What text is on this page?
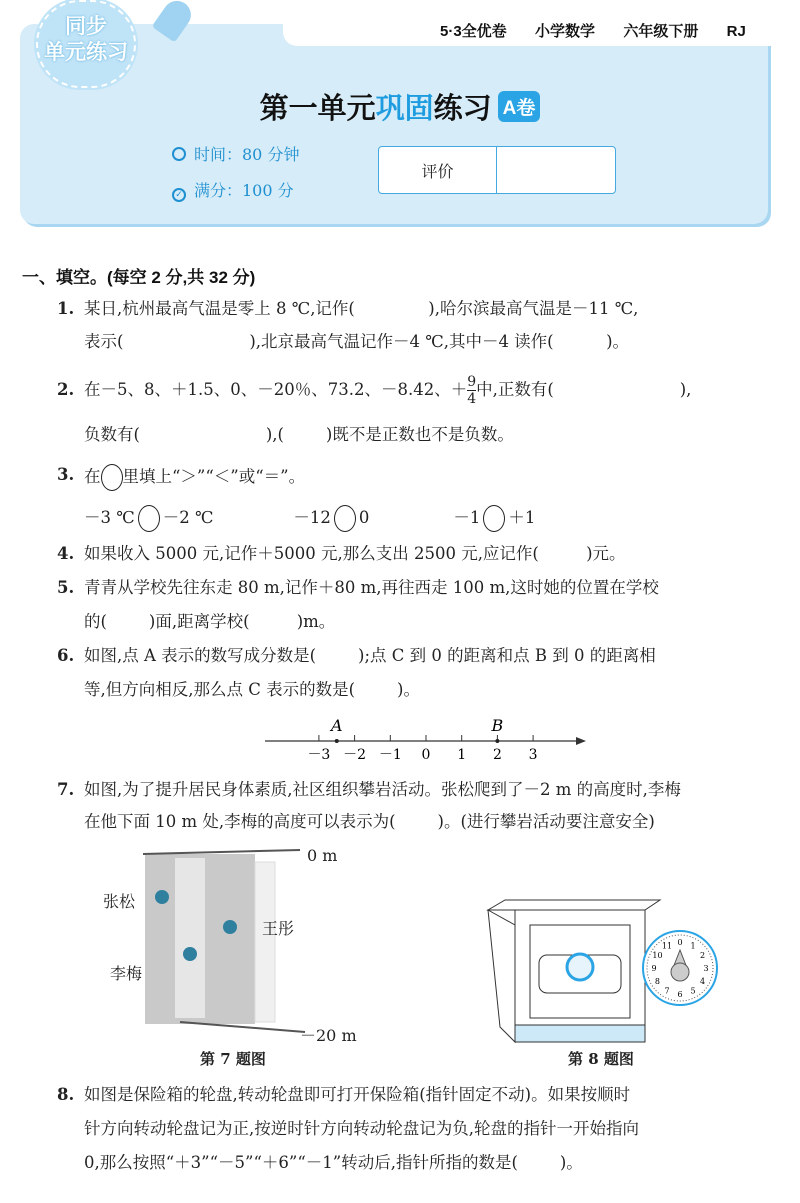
5·3全优卷  小学数学  六年级下册  RJ
同步
单元练习
第一单元巩固练习 A卷
时间：80 分钟
✓ 满分：100 分
评价
一、填空。(每空 2 分,共 32 分)
1. 某日,杭州最高气温是零上 8 ℃,记作(              ),哈尔滨最高气温是－11 ℃,
表示(                        ),北京最高气温记作－4 ℃,其中－4 读作(          )。
2. 在－5、8、＋1.5、0、－20％、73.2、－8.42、＋ $\frac{9}{4}$ 中,正数有(                        ),
负数有(                        ),(        )既不是正数也不是负数。
3. 在 里填上“＞”“＜”或“＝”。
－3 ℃ －2 ℃	－12 0	－1 ＋1
4. 如果收入 5000 元,记作＋5000 元,那么支出 2500 元,应记作(         )元。
5. 青青从学校先往东走 80 m,记作＋80 m,再往西走 100 m,这时她的位置在学校
的(        )面,距离学校(         )m。
6. 如图,点 A 表示的数写成分数是(        );点 C 到 0 的距离和点 B 到 0 的距离相
等,但方向相反,那么点 C 表示的数是(        )。
－3 －2 －1 0 1 2 3
A	B
7. 如图,为了提升居民身体素质,社区组织攀岩活动。张松爬到了－2 m 的高度时,李梅
在他下面 10 m 处,李梅的高度可以表示为(        )。(进行攀岩活动要注意安全)
0 m
－20 m
张松
李梅
王彤
第 7 题图
0 1
2
3
4
5
6
7
8
9
10
11
第 8 题图
8. 如图是保险箱的轮盘,转动轮盘即可打开保险箱(指针固定不动)。如果按顺时
针方向转动轮盘记为正,按逆时针方向转动轮盘记为负,轮盘的指针一开始指向
0,那么按照“＋3”“－5”“＋6”“－1”转动后,指针所指的数是(        )。
